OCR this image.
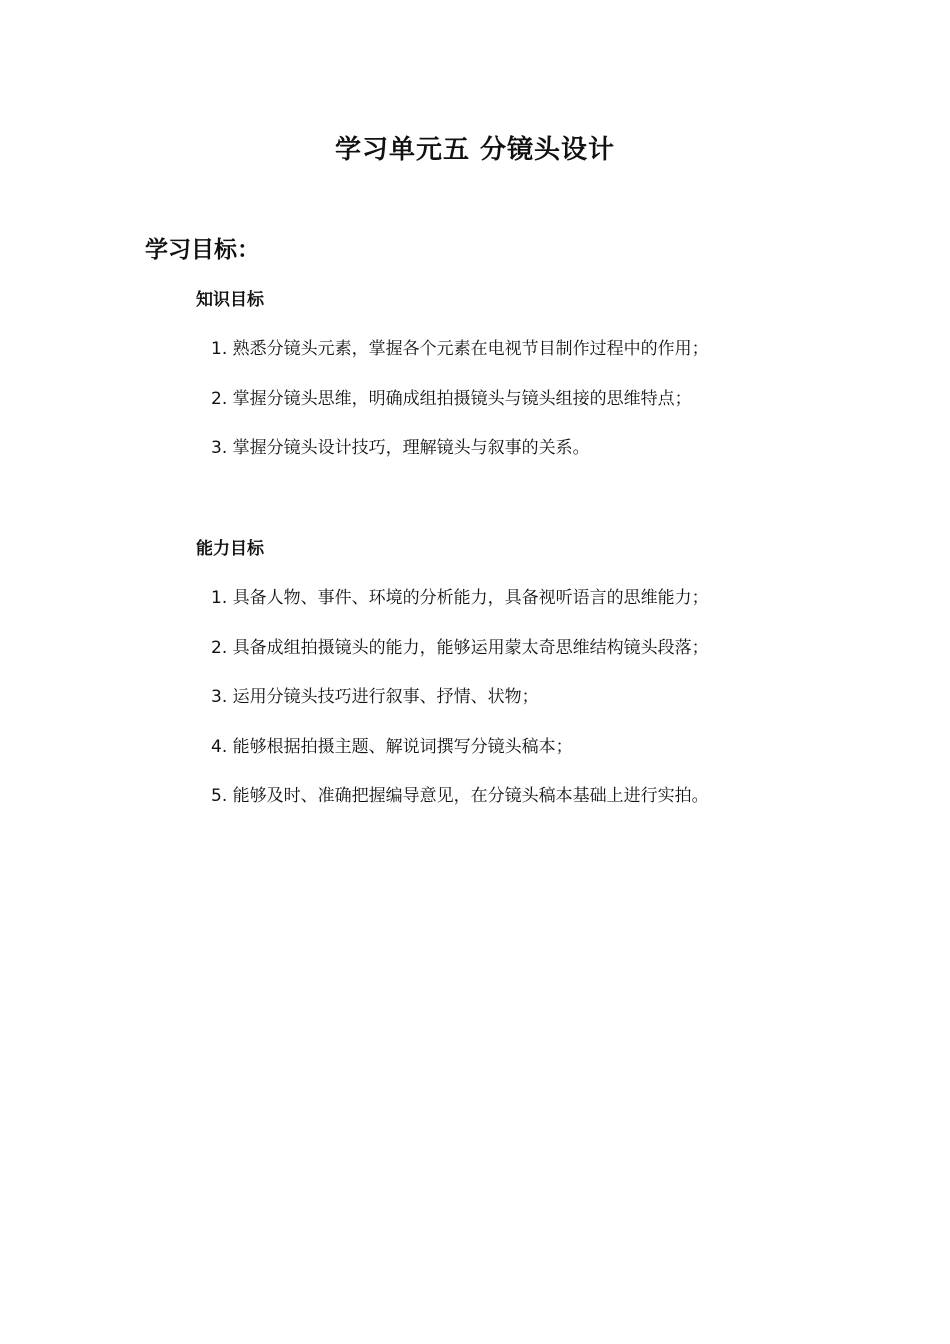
学习单元五 分镜头设计
学习目标：
知识目标
1. 熟悉分镜头元素，掌握各个元素在电视节目制作过程中的作用；
2. 掌握分镜头思维，明确成组拍摄镜头与镜头组接的思维特点；
3. 掌握分镜头设计技巧，理解镜头与叙事的关系。
能力目标
1. 具备人物、事件、环境的分析能力，具备视听语言的思维能力；
2. 具备成组拍摄镜头的能力，能够运用蒙太奇思维结构镜头段落；
3. 运用分镜头技巧进行叙事、抒情、状物；
4. 能够根据拍摄主题、解说词撰写分镜头稿本；
5. 能够及时、准确把握编导意见，在分镜头稿本基础上进行实拍。
